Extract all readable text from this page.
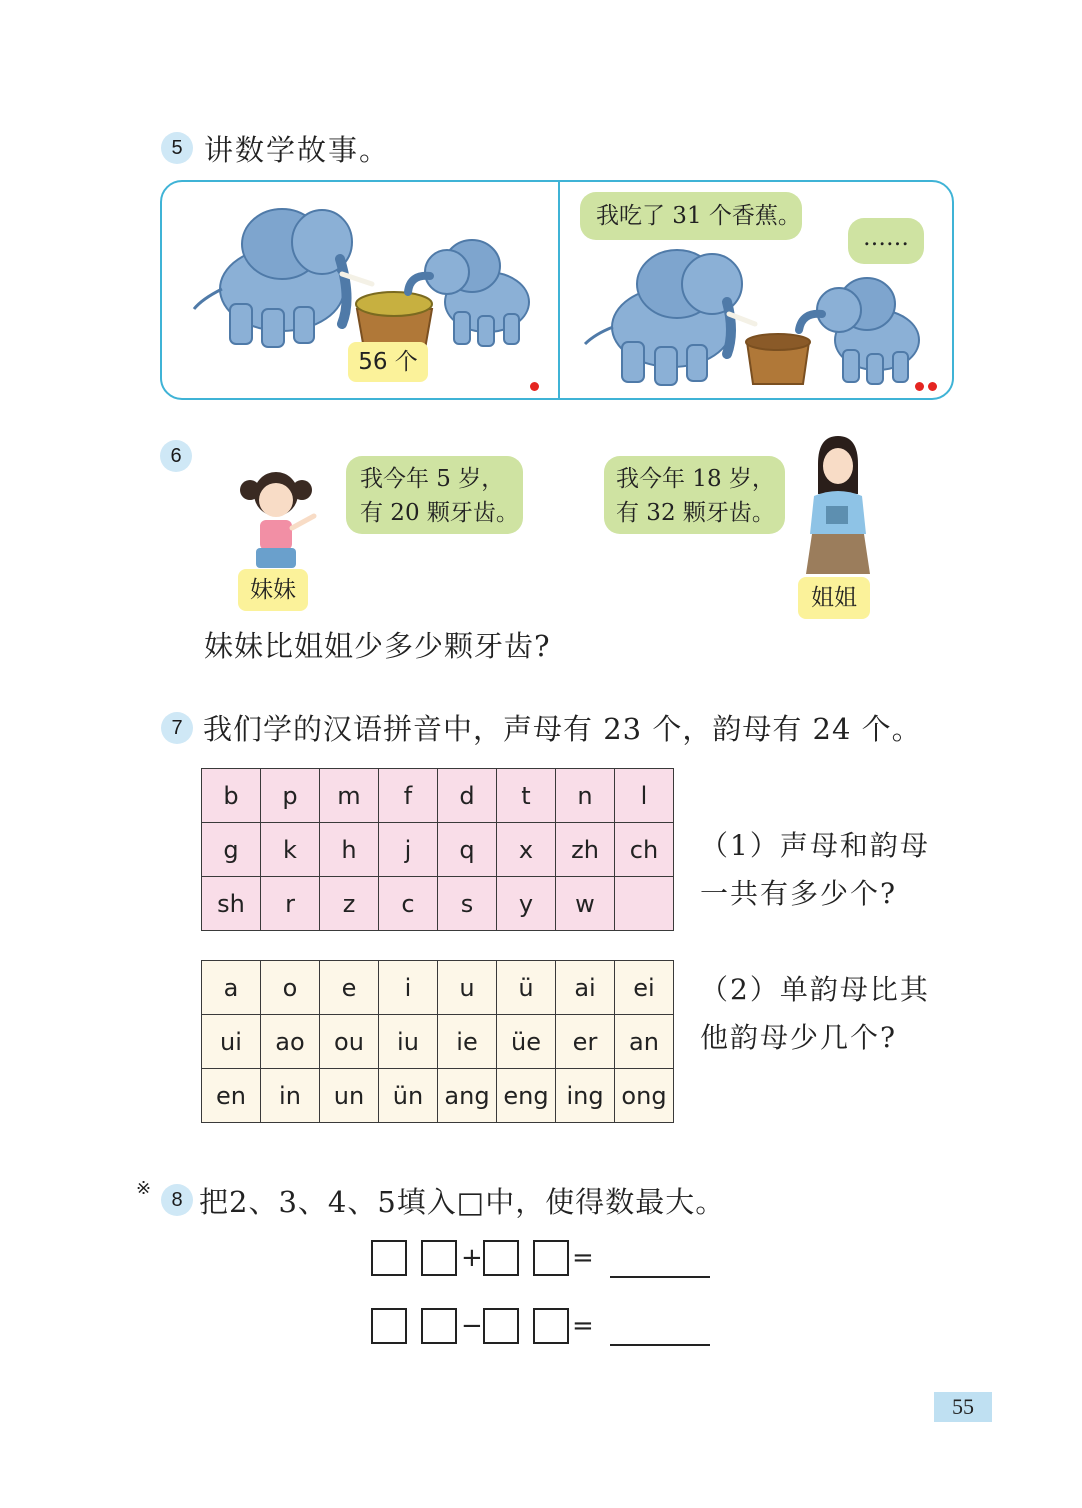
5 讲数学故事。
56 个
我吃了 31 个香蕉。
……
6
我今年 5 岁，
有 20 颗牙齿。
妹妹
我今年 18 岁，
有 32 颗牙齿。
姐姐
妹妹比姐姐少多少颗牙齿?
7 我们学的汉语拼音中，声母有 23 个，韵母有 24 个。
b	p	m	f	d	t	n	l
g	k	h	j	q	x	zh	ch
sh	r	z	c	s	y	w	
（1）声母和韵母
一共有多少个?
a	o	e	i	u	ü	ai	ei
ui	ao	ou	iu	ie	üe	er	an
en	in	un	ün	ang	eng	ing	ong
（2）单韵母比其
他韵母少几个?
※
8 把2、3、4、5填入□中，使得数最大。
+	=
−	=
55
